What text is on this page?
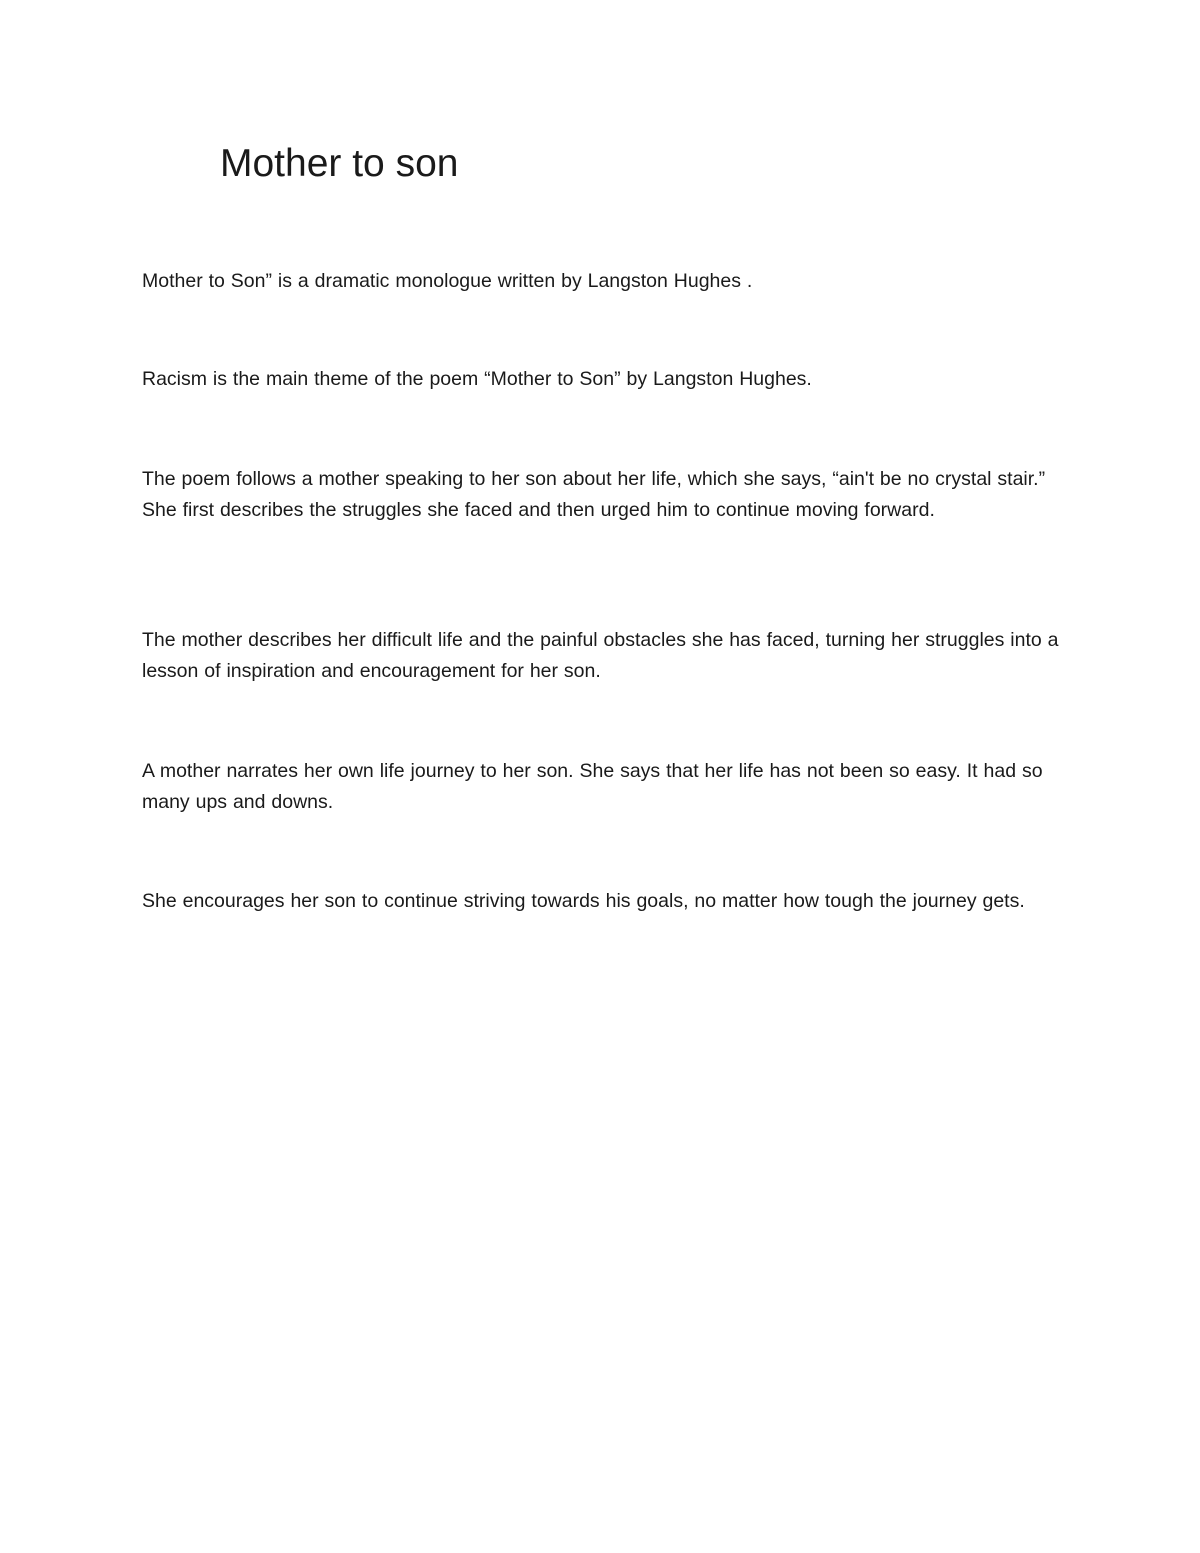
Mother to son

Mother to Son” is a dramatic monologue written by Langston Hughes .

Racism is the main theme of the poem “Mother to Son” by Langston Hughes.

The poem follows a mother speaking to her son about her life, which she says, “ain't be no crystal stair.” She first describes the struggles she faced and then urged him to continue moving forward.

The mother describes her difficult life and the painful obstacles she has faced, turning her struggles into a lesson of inspiration and encouragement for her son.

A mother narrates her own life journey to her son. She says that her life has not been so easy. It had so many ups and downs.

She encourages her son to continue striving towards his goals, no matter how tough the journey gets.
